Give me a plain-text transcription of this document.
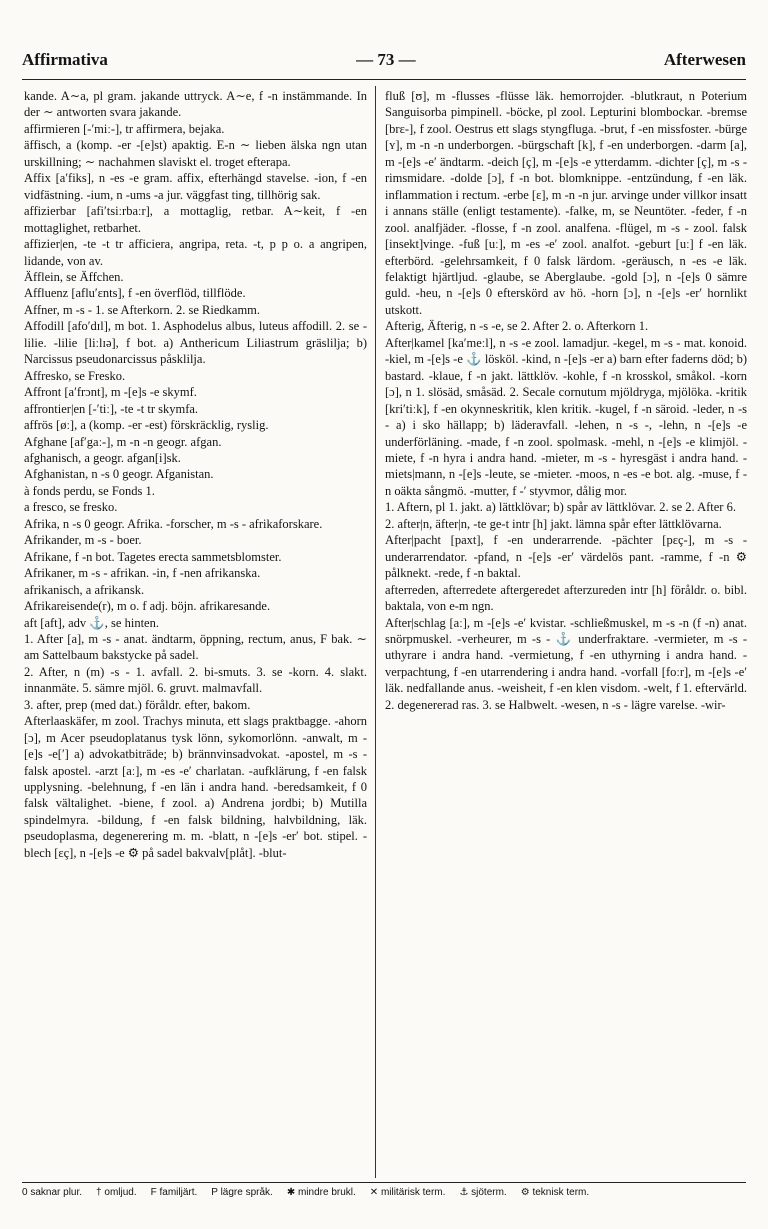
Affirmativa	— 73 —	Afterwesen

kande. A∼a, pl gram. jakande uttryck. A∼e, f -n instämmande. In der ∼ antworten svara jakande.

affirmieren [-ʹmiː-], tr affirmera, bejaka.

äffisch, a (komp. -er -[e]st) apaktig. E-n ∼ lieben älska ngn utan urskillning; ∼ nachahmen slaviskt el. troget efterapa.

Affix [aʹfiks], n -es -e gram. affix, efterhängd stavelse. -ion, f -en vidfästning. -ium, n -ums -a jur. väggfast ting, tillhörig sak.

affizierbar [afiʹtsiːrbaːr], a mottaglig, retbar. A∼keit, f -en mottaglighet, retbarhet.

affizier|en, -te -t tr afficiera, angripa, reta. -t, p p o. a angripen, lidande, von av.

Äfflein, se Äffchen.

Affluenz [afluʹɛnts], f -en överflöd, tillflöde.

Affner, m -s - 1. se Afterkorn. 2. se Riedkamm.

Affodill [afoʹdɪl], m bot. 1. Asphodelus albus, luteus affodill. 2. se -lilie. -lilie [liːlɪə], f bot. a) Anthericum Liliastrum gräslilja; b) Narcissus pseudonarcissus påsklilja.

Affresko, se Fresko.

Affront [aʹfrɔnt], m -[e]s -e skymf.

affrontier|en [-ʹtiː], -te -t tr skymfa.

affrös [øː], a (komp. -er -est) förskräcklig, ryslig.

Afghane [afʹgaː-], m -n -n geogr. afgan.

afghanisch, a geogr. afgan[i]sk.

Afghanistan, n -s 0 geogr. Afganistan.

à fonds perdu, se Fonds 1.

a fresco, se fresko.

Afrika, n -s 0 geogr. Afrika. -forscher, m -s - afrikaforskare.

Afrikander, m -s - boer.

Afrikane, f -n bot. Tagetes erecta sammetsblomster.

Afrikaner, m -s - afrikan. -in, f -nen afrikanska.

afrikanisch, a afrikansk.

Afrikareisende(r), m o. f adj. böjn. afrikaresande.

aft [aft], adv ⚓, se hinten.

1. After [a], m -s - anat. ändtarm, öppning, rectum, anus, F bak. ∼ am Sattelbaum bakstycke på sadel.

2. After, n (m) -s - 1. avfall. 2. bi-smuts. 3. se -korn. 4. slakt. innanmäte. 5. sämre mjöl. 6. gruvt. malmavfall.

3. after, prep (med dat.) föråldr. efter, bakom.

Afterlaaskäfer, m zool. Trachys minuta, ett slags praktbagge. -ahorn [ɔ], m Acer pseudoplatanus tysk lönn, sykomorlönn. -anwalt, m -[e]s -e[ʹ] a) advokatbiträde; b) brännvinsadvokat. -apostel, m -s - falsk apostel. -arzt [aː], m -es -eʹ charlatan. -aufklärung, f -en falsk upplysning. -belehnung, f -en län i andra hand. -beredsamkeit, f 0 falsk vältalighet. -biene, f zool. a) Andrena jordbi; b) Mutilla spindelmyra. -bildung, f -en falsk bildning, halvbildning, läk. pseudoplasma, degenerering m. m. -blatt, n -[e]s -erʹ bot. stipel. -blech [ɛç], n -[e]s -e ⚙ på sadel bakvalv[plåt]. -blut-

fluß [ʊ], m -flusses -flüsse läk. hemorrojder. -blutkraut, n Poterium Sanguisorba pimpinell. -böcke, pl zool. Lepturini blombockar. -bremse [brɛ-], f zool. Oestrus ett slags styngfluga. -brut, f -en missfoster. -bürge [ʏ], m -n -n underborgen. -bürgschaft [k], f -en underborgen. -darm [a], m -[e]s -eʹ ändtarm. -deich [ç], m -[e]s -e ytterdamm. -dichter [ç], m -s - rimsmidare. -dolde [ɔ], f -n bot. blomknippe. -entzündung, f -en läk. inflammation i rectum. -erbe [ɛ], m -n -n jur. arvinge under villkor insatt i annans ställe (enligt testamente). -falke, m, se Neuntöter. -feder, f -n zool. analfjäder. -flosse, f -n zool. analfena. -flügel, m -s - zool. falsk [insekt]vinge. -fuß [uː], m -es -eʹ zool. analfot. -geburt [uː] f -en läk. efterbörd. -gelehrsamkeit, f 0 falsk lärdom. -geräusch, n -es -e läk. felaktigt hjärtljud. -glaube, se Aberglaube. -gold [ɔ], n -[e]s 0 sämre guld. -heu, n -[e]s 0 efterskörd av hö. -horn [ɔ], n -[e]s -erʹ hornlikt utskott.

Afterig, Äfterig, n -s -e, se 2. After 2. o. Afterkorn 1.

After|kamel [kaʹmeːl], n -s -e zool. lamadjur. -kegel, m -s - mat. konoid. -kiel, m -[e]s -e ⚓ lösköl. -kind, n -[e]s -er a) barn efter faderns död; b) bastard. -klaue, f -n jakt. lättklöv. -kohle, f -n krosskol, småkol. -korn [ɔ], n 1. slösäd, småsäd. 2. Secale cornutum mjöldryga, mjölöka. -kritik [kriʹtiːk], f -en okynneskritik, klen kritik. -kugel, f -n säroid. -leder, n -s - a) i sko hällapp; b) läderavfall. -lehen, n -s -, -lehn, n -[e]s -e underförläning. -made, f -n zool. spolmask. -mehl, n -[e]s -e klimjöl. -miete, f -n hyra i andra hand. -mieter, m -s - hyresgäst i andra hand. -miets|mann, n -[e]s -leute, se -mieter. -moos, n -es -e bot. alg. -muse, f -n oäkta sångmö. -mutter, f -ʹ styvmor, dålig mor.

1. Aftern, pl 1. jakt. a) lättklövar; b) spår av lättklövar. 2. se 2. After 6.

2. after|n, äfter|n, -te ge-t intr [h] jakt. lämna spår efter lättklövarna.

After|pacht [paxt], f -en underarrende. -pächter [pɛç-], m -s - underarrendator. -pfand, n -[e]s -erʹ värdelös pant. -ramme, f -n ⚙ pålknekt. -rede, f -n baktal.

afterreden, afterredete aftergeredet afterzureden intr [h] föråldr. o. bibl. baktala, von e-m ngn.

After|schlag [aː], m -[e]s -eʹ kvistar. -schließmuskel, m -s -n (f -n) anat. snörpmuskel. -verheurer, m -s - ⚓ underfraktare. -vermieter, m -s - uthyrare i andra hand. -vermietung, f -en uthyrning i andra hand. -verpachtung, f -en utarrendering i andra hand. -vorfall [foːr], m -[e]s -eʹ läk. nedfallande anus. -weisheit, f -en klen visdom. -welt, f 1. eftervärld. 2. degenererad ras. 3. se Halbwelt. -wesen, n -s - lägre varelse. -wir-

0 saknar plur. † omljud. F familjärt. P lägre språk. ✱ mindre brukl. ✕ militärisk term. ⚓ sjöterm. ⚙ teknisk term.
